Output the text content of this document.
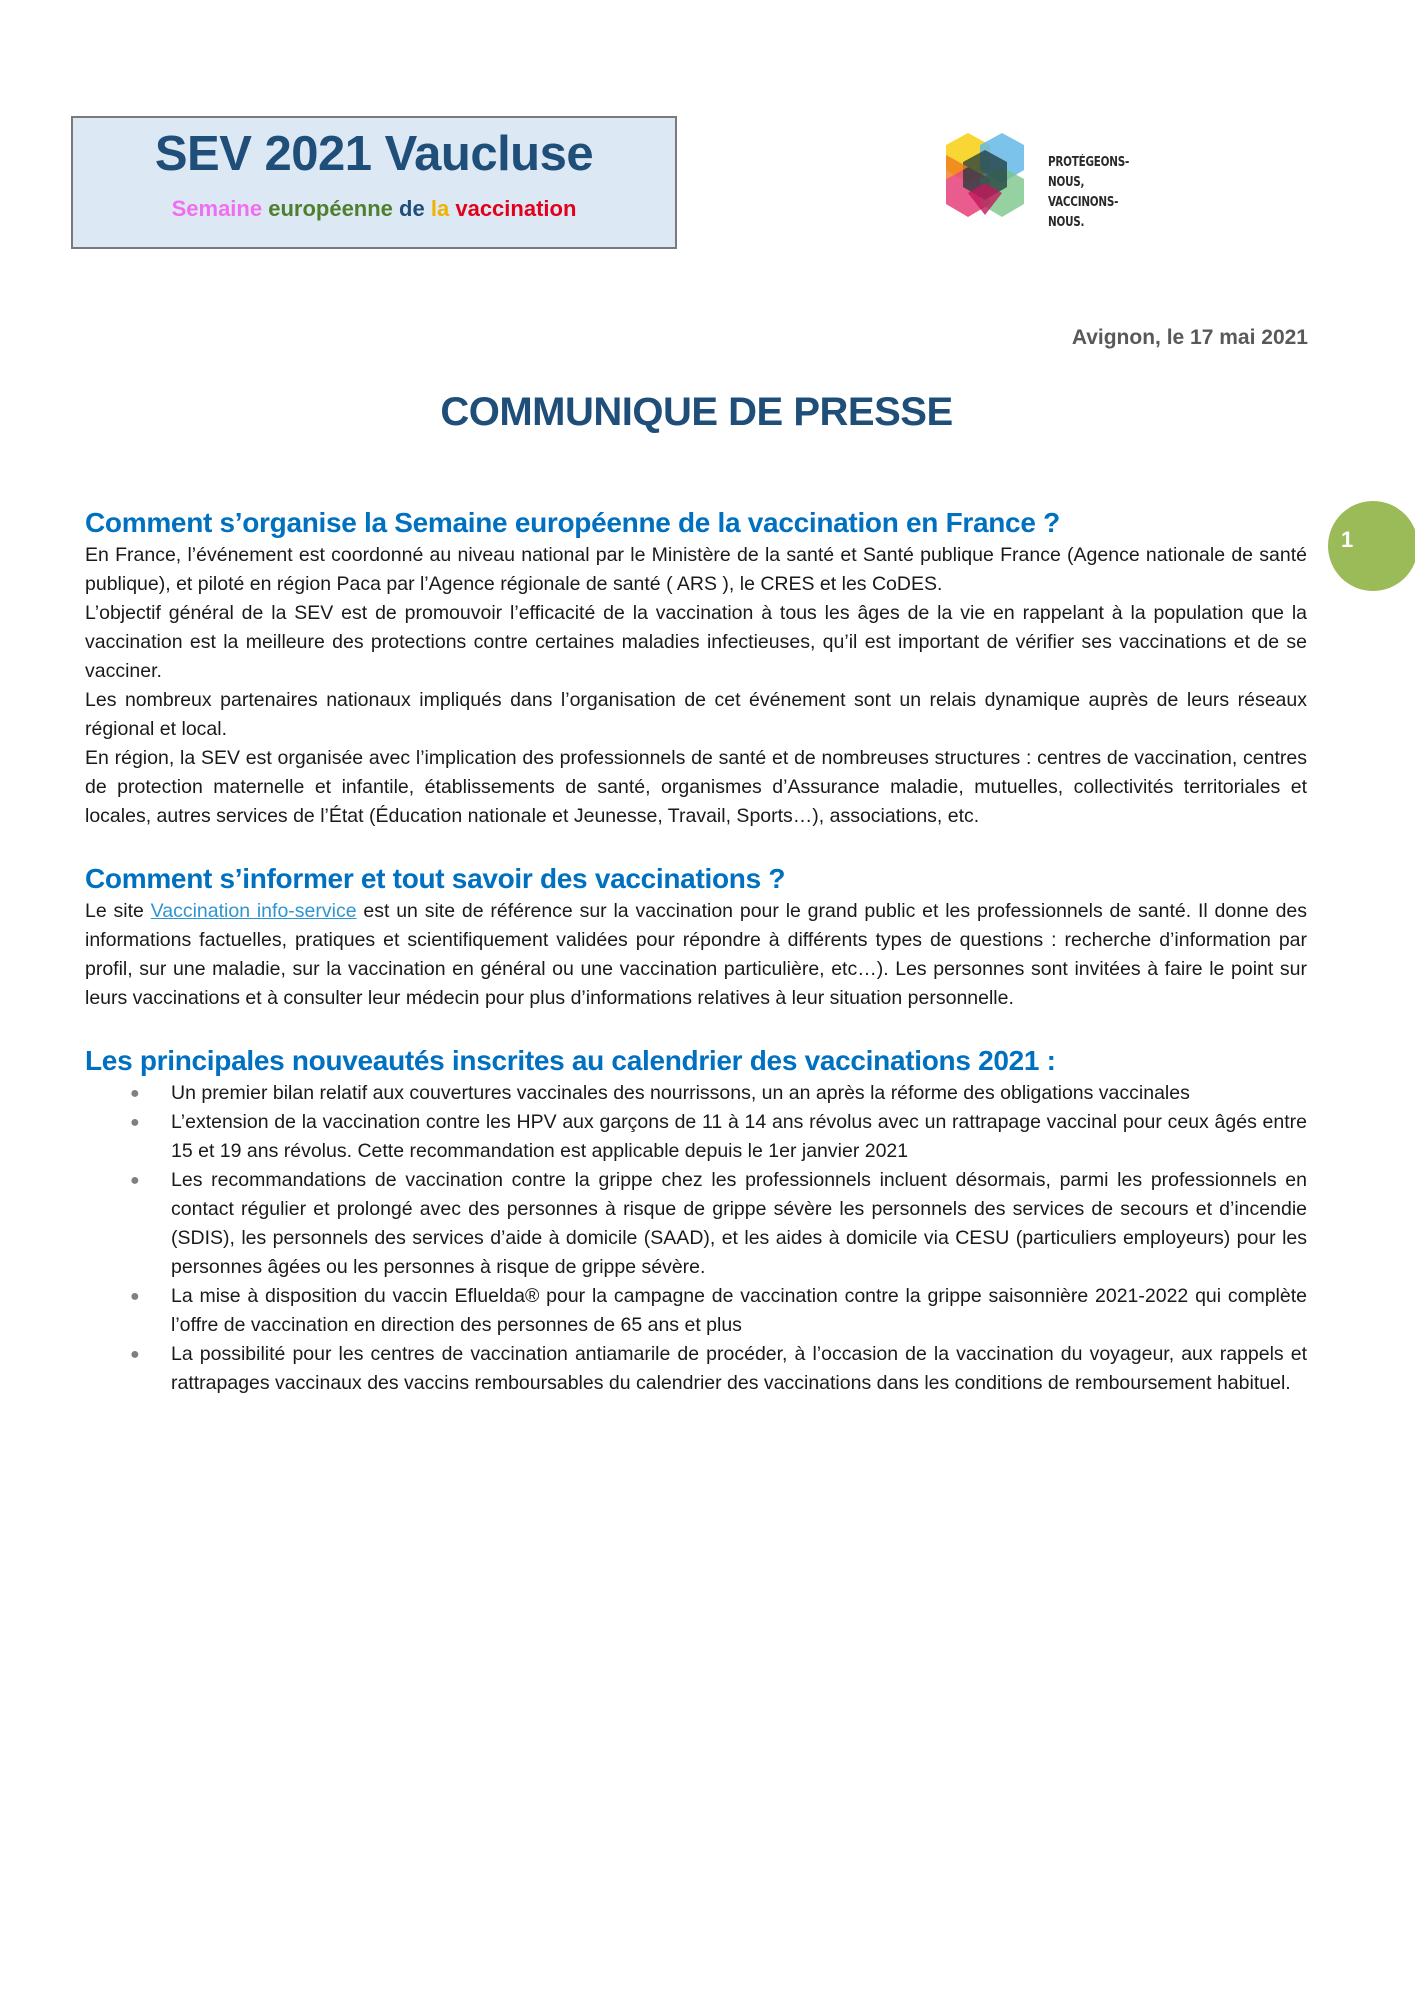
SEV 2021 Vaucluse
Semaine européenne de la vaccination
PROTÉGEONS-NOUS,
VACCINONS-NOUS.
Avignon, le 17 mai 2021
COMMUNIQUE DE PRESSE
1
Comment s’organise la Semaine européenne de la vaccination en France ?

En France, l’événement est coordonné au niveau national par le Ministère de la santé et Santé publique France (Agence nationale de santé publique), et piloté en région Paca par l’Agence régionale de santé ( ARS ), le CRES et les CoDES.

L’objectif général de la SEV est de promouvoir l’efficacité de la vaccination à tous les âges de la vie en rappelant à la population que la vaccination est la meilleure des protections contre certaines maladies infectieuses, qu’il est important de vérifier ses vaccinations et de se vacciner.

Les nombreux partenaires nationaux impliqués dans l’organisation de cet événement sont un relais dynamique auprès de leurs réseaux régional et local.

En région, la SEV est organisée avec l’implication des professionnels de santé et de nombreuses structures : centres de vaccination, centres de protection maternelle et infantile, établissements de santé, organismes d’Assurance maladie, mutuelles, collectivités territoriales et locales, autres services de l’État (Éducation nationale et Jeunesse, Travail, Sports…), associations, etc.

Comment s’informer et tout savoir des vaccinations ?

Le site Vaccination info-service est un site de référence sur la vaccination pour le grand public et les professionnels de santé. Il donne des informations factuelles, pratiques et scientifiquement validées pour répondre à différents types de questions : recherche d’information par profil, sur une maladie, sur la vaccination en général ou une vaccination particulière, etc…). Les personnes sont invitées à faire le point sur leurs vaccinations et à consulter leur médecin pour plus d’informations relatives à leur situation personnelle.

Les principales nouveautés inscrites au calendrier des vaccinations 2021 :
● Un premier bilan relatif aux couvertures vaccinales des nourrissons, un an après la réforme des obligations vaccinales
● L’extension de la vaccination contre les HPV aux garçons de 11 à 14 ans révolus avec un rattrapage vaccinal pour ceux âgés entre 15 et 19 ans révolus. Cette recommandation est applicable depuis le 1er janvier 2021
● Les recommandations de vaccination contre la grippe chez les professionnels incluent désormais, parmi les professionnels en contact régulier et prolongé avec des personnes à risque de grippe sévère les personnels des services de secours et d’incendie (SDIS), les personnels des services d’aide à domicile (SAAD), et les aides à domicile via CESU (particuliers employeurs) pour les personnes âgées ou les personnes à risque de grippe sévère.
● La mise à disposition du vaccin Efluelda® pour la campagne de vaccination contre la grippe saisonnière 2021-2022 qui complète l’offre de vaccination en direction des personnes de 65 ans et plus
● La possibilité pour les centres de vaccination antiamarile de procéder, à l’occasion de la vaccination du voyageur, aux rappels et rattrapages vaccinaux des vaccins remboursables du calendrier des vaccinations dans les conditions de remboursement habituel.
